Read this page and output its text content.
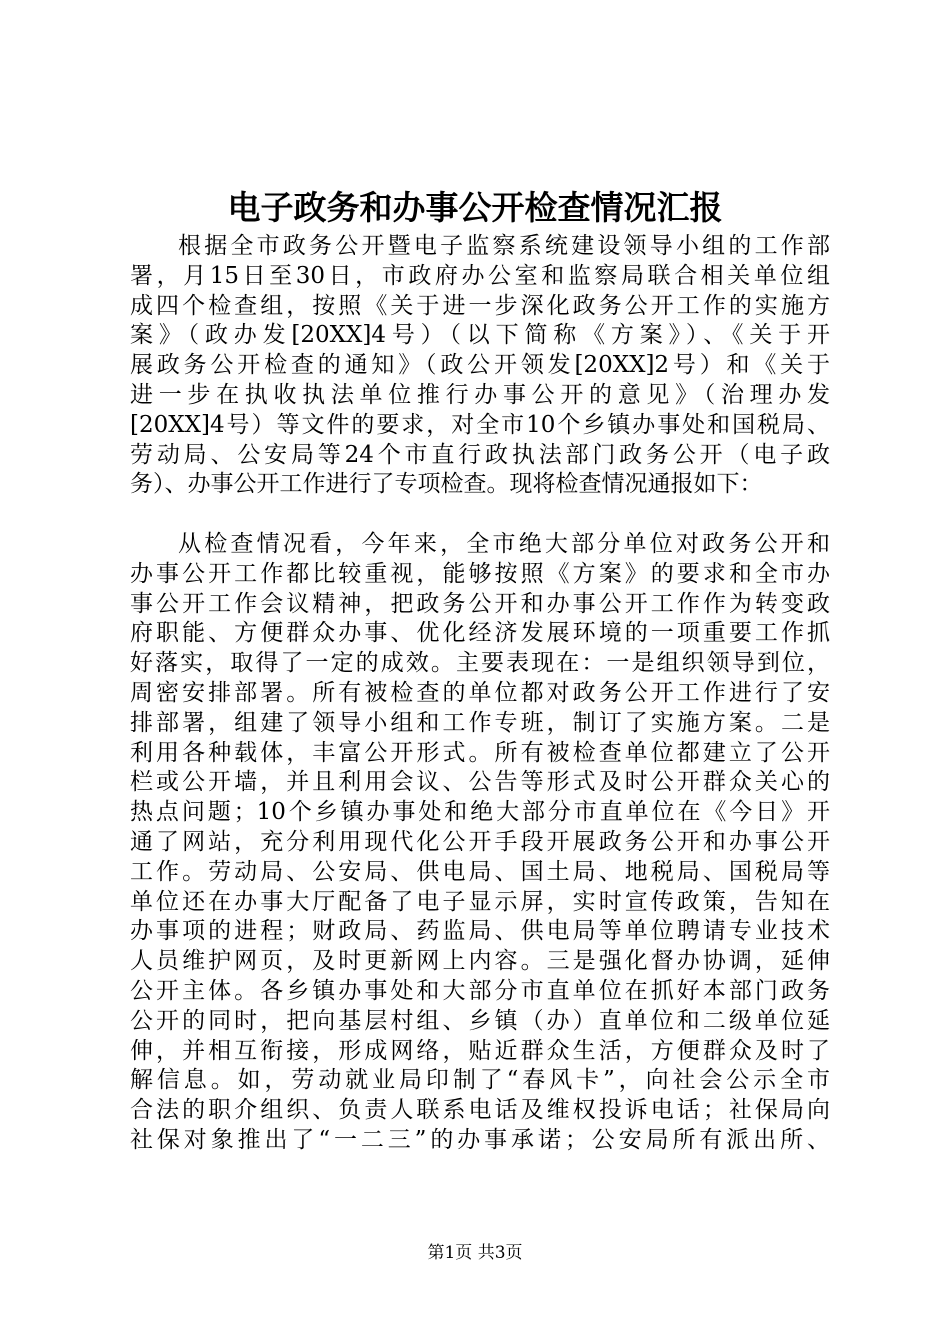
电子政务和办事公开检查情况汇报
根据全市政务公开暨电子监察系统建设领导小组的工作部
署，月15日至30日，市政府办公室和监察局联合相关单位组
成四个检查组，按照《关于进一步深化政务公开工作的实施方
案》（政办发[20XX]4号）（以下简称《方案》）、《关于开
展政务公开检查的通知》（政公开领发[20XX]2号）和《关于
进一步在执收执法单位推行办事公开的意见》（治理办发
[20XX]4号）等文件的要求，对全市10个乡镇办事处和国税局、
劳动局、公安局等24个市直行政执法部门政务公开（电子政
务）、办事公开工作进行了专项检查。现将检查情况通报如下：
从检查情况看，今年来，全市绝大部分单位对政务公开和
办事公开工作都比较重视，能够按照《方案》的要求和全市办
事公开工作会议精神，把政务公开和办事公开工作作为转变政
府职能、方便群众办事、优化经济发展环境的一项重要工作抓
好落实，取得了一定的成效。主要表现在：一是组织领导到位，
周密安排部署。所有被检查的单位都对政务公开工作进行了安
排部署，组建了领导小组和工作专班，制订了实施方案。二是
利用各种载体，丰富公开形式。所有被检查单位都建立了公开
栏或公开墙，并且利用会议、公告等形式及时公开群众关心的
热点问题；10个乡镇办事处和绝大部分市直单位在《今日》开
通了网站，充分利用现代化公开手段开展政务公开和办事公开
工作。劳动局、公安局、供电局、国土局、地税局、国税局等
单位还在办事大厅配备了电子显示屏，实时宣传政策，告知在
办事项的进程；财政局、药监局、供电局等单位聘请专业技术
人员维护网页，及时更新网上内容。三是强化督办协调，延伸
公开主体。各乡镇办事处和大部分市直单位在抓好本部门政务
公开的同时，把向基层村组、乡镇（办）直单位和二级单位延
伸，并相互衔接，形成网络，贴近群众生活，方便群众及时了
解信息。如，劳动就业局印制了“春风卡”，向社会公示全市
合法的职介组织、负责人联系电话及维权投诉电话；社保局向
社保对象推出了“一二三”的办事承诺；公安局所有派出所、
第1页 共3页
